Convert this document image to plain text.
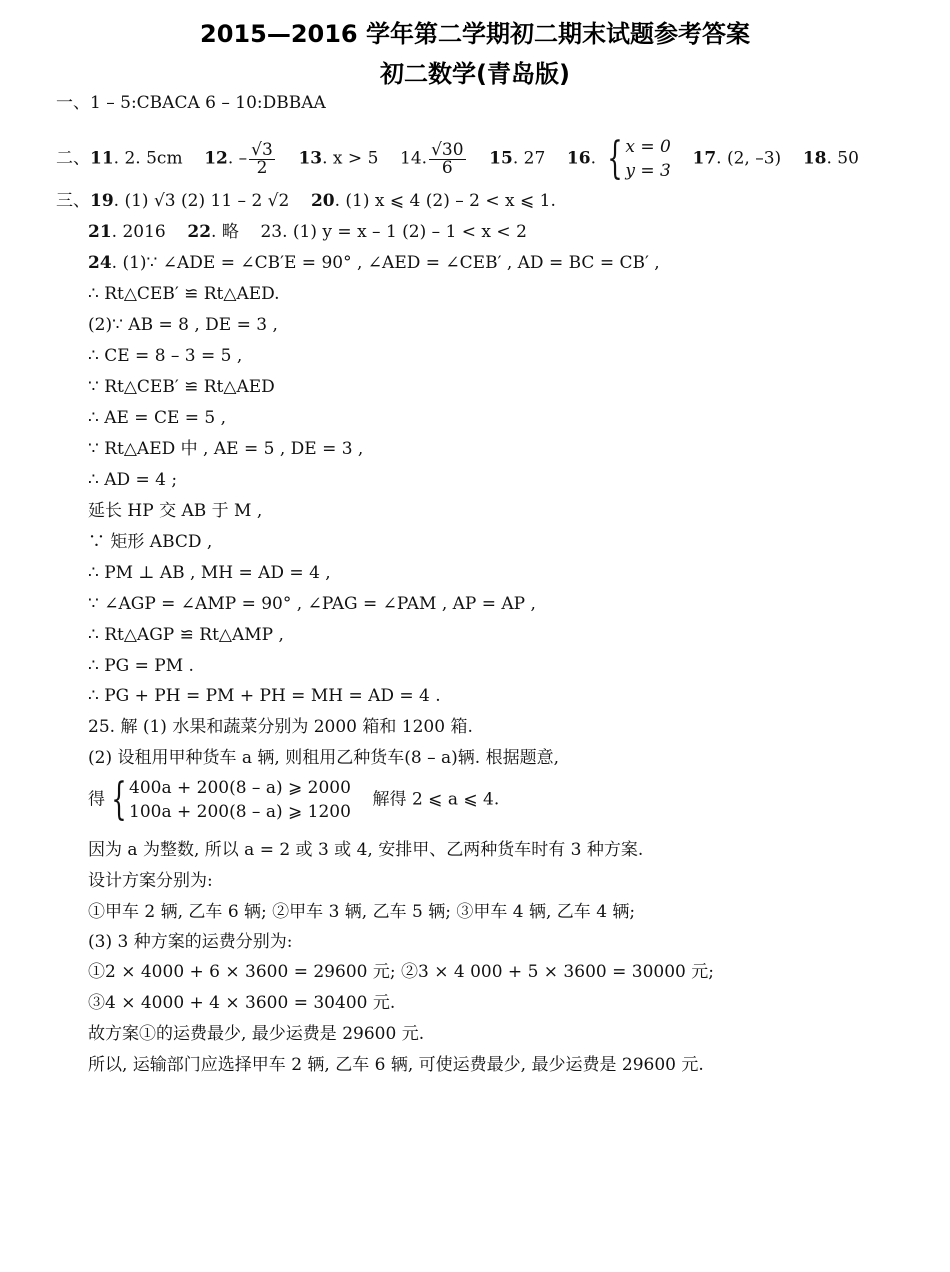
2015—2016 学年第二学期初二期末试题参考答案
初二数学(青岛版)
一、1 – 5:CBACA 6 – 10:DBBAA
二、11. 2. 5cm 12. – $\frac{√3}{2} 13$. x > 5 14. $\frac{√30}{6} 15$. 27 16. { x = 0
y = 3
17. (2, –3) 18. 50
三、19. (1) √3 (2) 11 – 2 √2 20. (1) x ⩽ 4 (2) – 2 < x ⩽ 1.
21. 2016 22. 略 23. (1) y = x – 1 (2) – 1 < x < 2
24. (1)∵ ∠ADE = ∠CB′E = 90° , ∠AED = ∠CEB′ , AD = BC = CB′ ,
∴ Rt△CEB′ ≌ Rt△AED.
(2)∵ AB = 8 , DE = 3 ,
∴ CE = 8 – 3 = 5 ,
∵ Rt△CEB′ ≌ Rt△AED
∴ AE = CE = 5 ,
∵ Rt△AED 中 , AE = 5 , DE = 3 ,
∴ AD = 4 ;
延长 HP 交 AB 于 M ,
∵ 矩形 ABCD ,
∴ PM ⊥ AB , MH = AD = 4 ,
∵ ∠AGP = ∠AMP = 90° , ∠PAG = ∠PAM , AP = AP ,
∴ Rt△AGP ≌ Rt△AMP ,
∴ PG = PM .
∴ PG + PH = PM + PH = MH = AD = 4 .
25. 解 (1) 水果和蔬菜分别为 2000 箱和 1200 箱.
(2) 设租用甲种货车 a 辆, 则租用乙种货车(8 – a)辆. 根据题意,
得 { 400a + 200(8 – a) ⩾ 2000
100a + 200(8 – a) ⩾ 1200
解得 2 ⩽ a ⩽ 4.
因为 a 为整数, 所以 a = 2 或 3 或 4, 安排甲、乙两种货车时有 3 种方案.
设计方案分别为:
①甲车 2 辆, 乙车 6 辆; ②甲车 3 辆, 乙车 5 辆; ③甲车 4 辆, 乙车 4 辆;
(3) 3 种方案的运费分别为:
①2 × 4000 + 6 × 3600 = 29600 元; ②3 × 4 000 + 5 × 3600 = 30000 元;
③4 × 4000 + 4 × 3600 = 30400 元.
故方案①的运费最少, 最少运费是 29600 元.
所以, 运输部门应选择甲车 2 辆, 乙车 6 辆, 可使运费最少, 最少运费是 29600 元.
